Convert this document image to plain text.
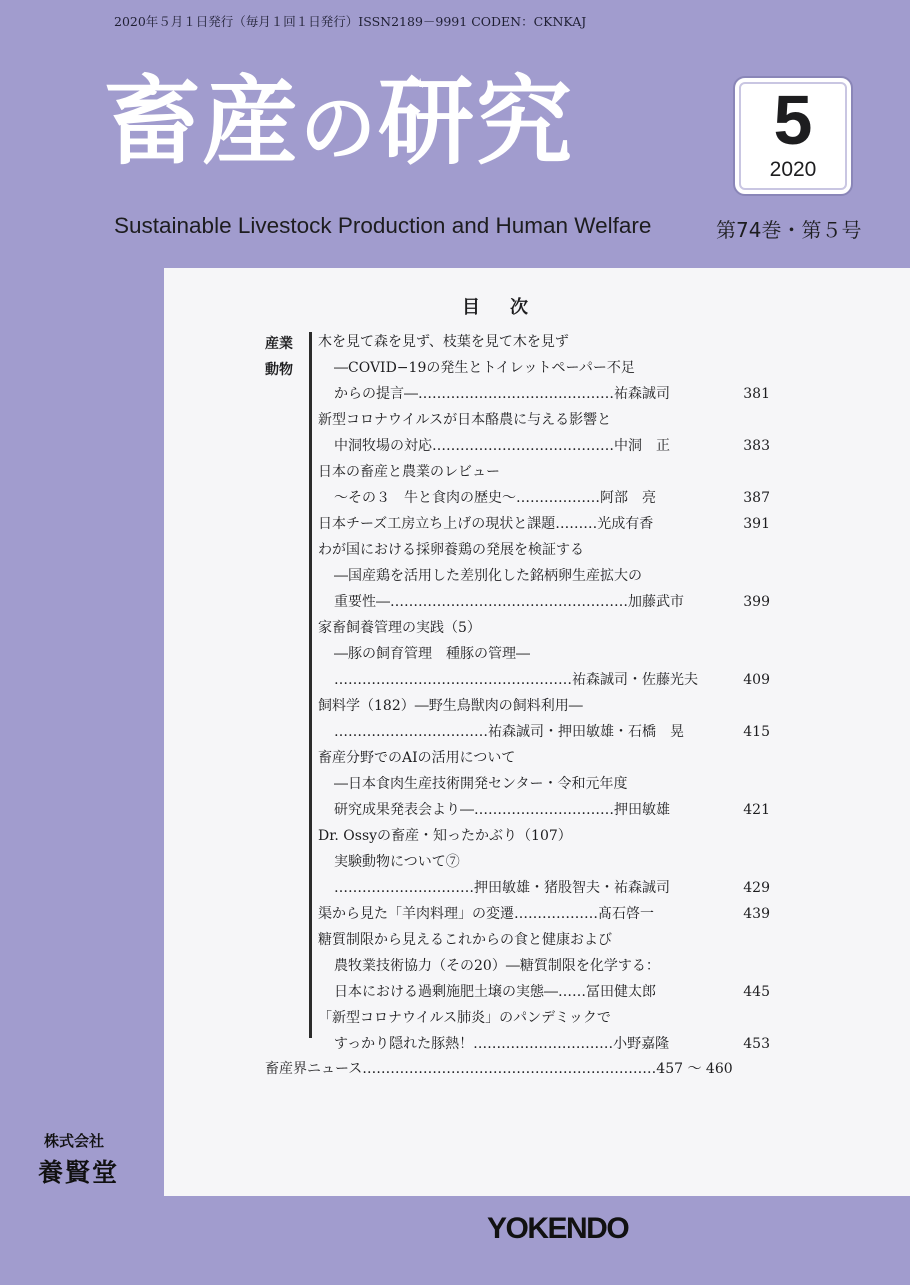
2020年５月１日発行（毎月１回１日発行）ISSN2189－9991 CODEN：CKNKAJ
畜産の研究	5
2020
Sustainable Livestock Production and Human Welfare	第74巻・第５号
目次
産業
動物
木を見て森を見ず、枝葉を見て木を見ず
―COVID−19の発生とトイレットペーパー不足
からの提言―……………………………………祐森誠司	381
新型コロナウイルスが日本酪農に与える影響と
中洞牧場の対応…………………………………中洞　正	383
日本の畜産と農業のレビュー
～その３　牛と食肉の歴史～………………阿部　亮	387
日本チーズ工房立ち上げの現状と課題………光成有香	391
わが国における採卵養鶏の発展を検証する
―国産鶏を活用した差別化した銘柄卵生産拡大の
重要性―……………………………………………加藤武市	399
家畜飼養管理の実践（5）
―豚の飼育管理　種豚の管理―
……………………………………………祐森誠司・佐藤光夫	409
飼料学（182）―野生鳥獣肉の飼料利用―
……………………………祐森誠司・押田敏雄・石橋　晃	415
畜産分野でのAIの活用について
―日本食肉生産技術開発センター・令和元年度
研究成果発表会より―…………………………押田敏雄	421
Dr. Ossyの畜産・知ったかぶり（107）
実験動物について⑦
…………………………押田敏雄・猪股智夫・祐森誠司	429
渠から見た「羊肉料理」の変遷………………髙石啓一	439
糖質制限から見えるこれからの食と健康および
農牧業技術協力（その20）―糖質制限を化学する：
日本における過剰施肥土壌の実態―……冨田健太郎	445
「新型コロナウイルス肺炎」のパンデミックで
すっかり隠れた豚熱！…………………………小野嘉隆	453
畜産界ニュース………………………………………………………457 ～ 460
株式会社
養賢堂
YOKENDO
